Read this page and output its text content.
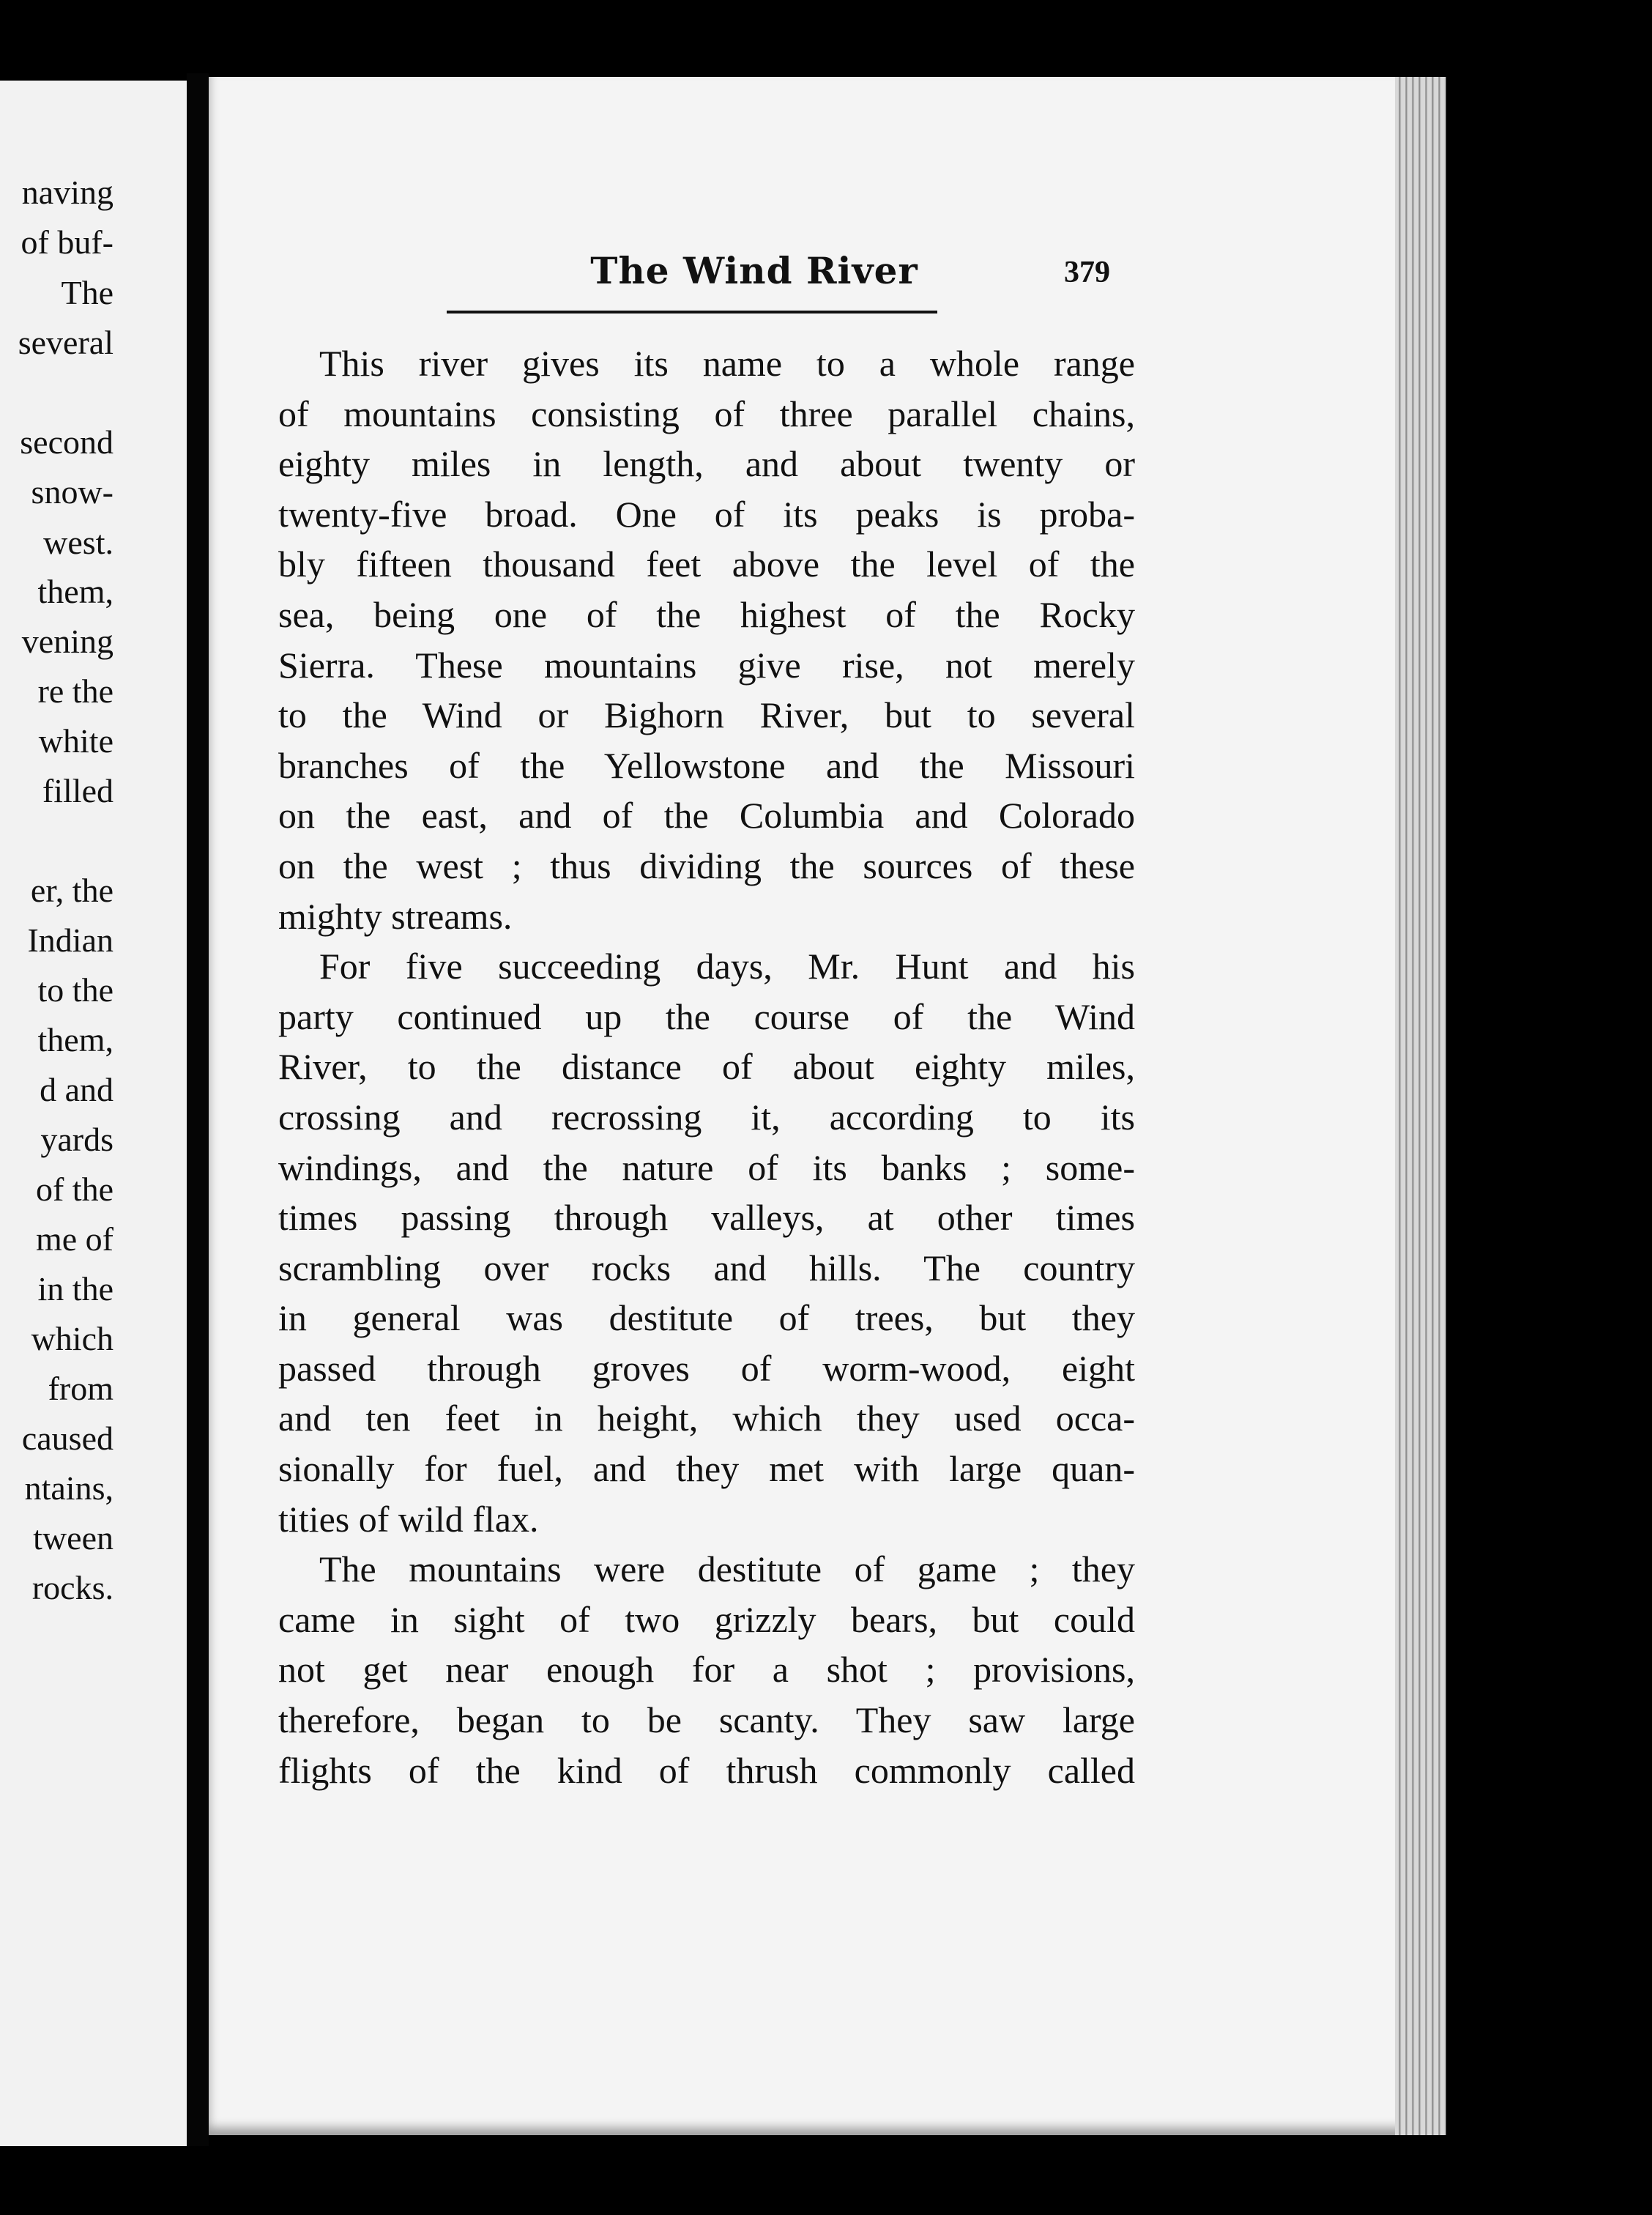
naving
of buf-
The
several
second
snow-
west.
them,
vening
re the
white
filled
er, the
Indian
to the
them,
d and
yards
of the
me of
in the
which
from
caused
ntains,
tween
rocks.
The Wind River	379
This river gives its name to a whole range
of mountains consisting of three parallel chains,
eighty miles in length, and about twenty or
twenty-five broad. One of its peaks is proba-
bly fifteen thousand feet above the level of the
sea, being one of the highest of the Rocky
Sierra. These mountains give rise, not merely
to the Wind or Bighorn River, but to several
branches of the Yellowstone and the Missouri
on the east, and of the Columbia and Colorado
on the west ; thus dividing the sources of these
mighty streams.
For five succeeding days, Mr. Hunt and his
party continued up the course of the Wind
River, to the distance of about eighty miles,
crossing and recrossing it, according to its
windings, and the nature of its banks ; some-
times passing through valleys, at other times
scrambling over rocks and hills. The country
in general was destitute of trees, but they
passed through groves of worm-wood, eight
and ten feet in height, which they used occa-
sionally for fuel, and they met with large quan-
tities of wild flax.
The mountains were destitute of game ; they
came in sight of two grizzly bears, but could
not get near enough for a shot ; provisions,
therefore, began to be scanty. They saw large
flights of the kind of thrush commonly called
